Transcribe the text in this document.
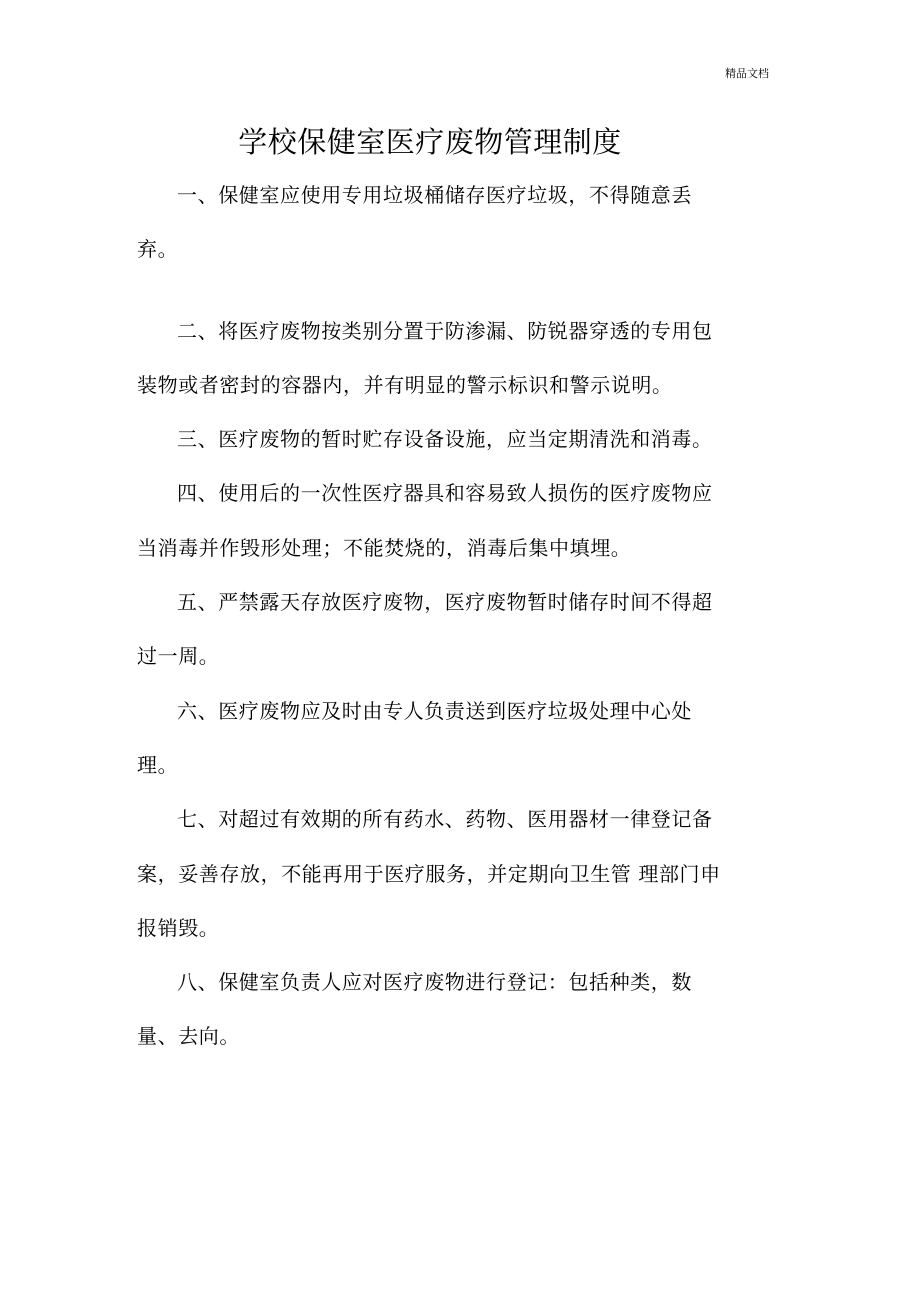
精品文档
学校保健室医疗废物管理制度

一、保健室应使用专用垃圾桶储存医疗垃圾，不得随意丢弃。

二、将医疗废物按类别分置于防渗漏、防锐器穿透的专用包装物或者密封的容器内，并有明显的警示标识和警示说明。

三、医疗废物的暂时贮存设备设施，应当定期清洗和消毒。

四、使用后的一次性医疗器具和容易致人损伤的医疗废物应当消毒并作毁形处理；不能焚烧的，消毒后集中填埋。

五、严禁露天存放医疗废物，医疗废物暂时储存时间不得超过一周。

六、医疗废物应及时由专人负责送到医疗垃圾处理中心处理。

七、对超过有效期的所有药水、药物、医用器材一律登记备案，妥善存放，不能再用于医疗服务，并定期向卫生管 理部门申报销毁。

八、保健室负责人应对医疗废物进行登记：包括种类，数量、去向。
